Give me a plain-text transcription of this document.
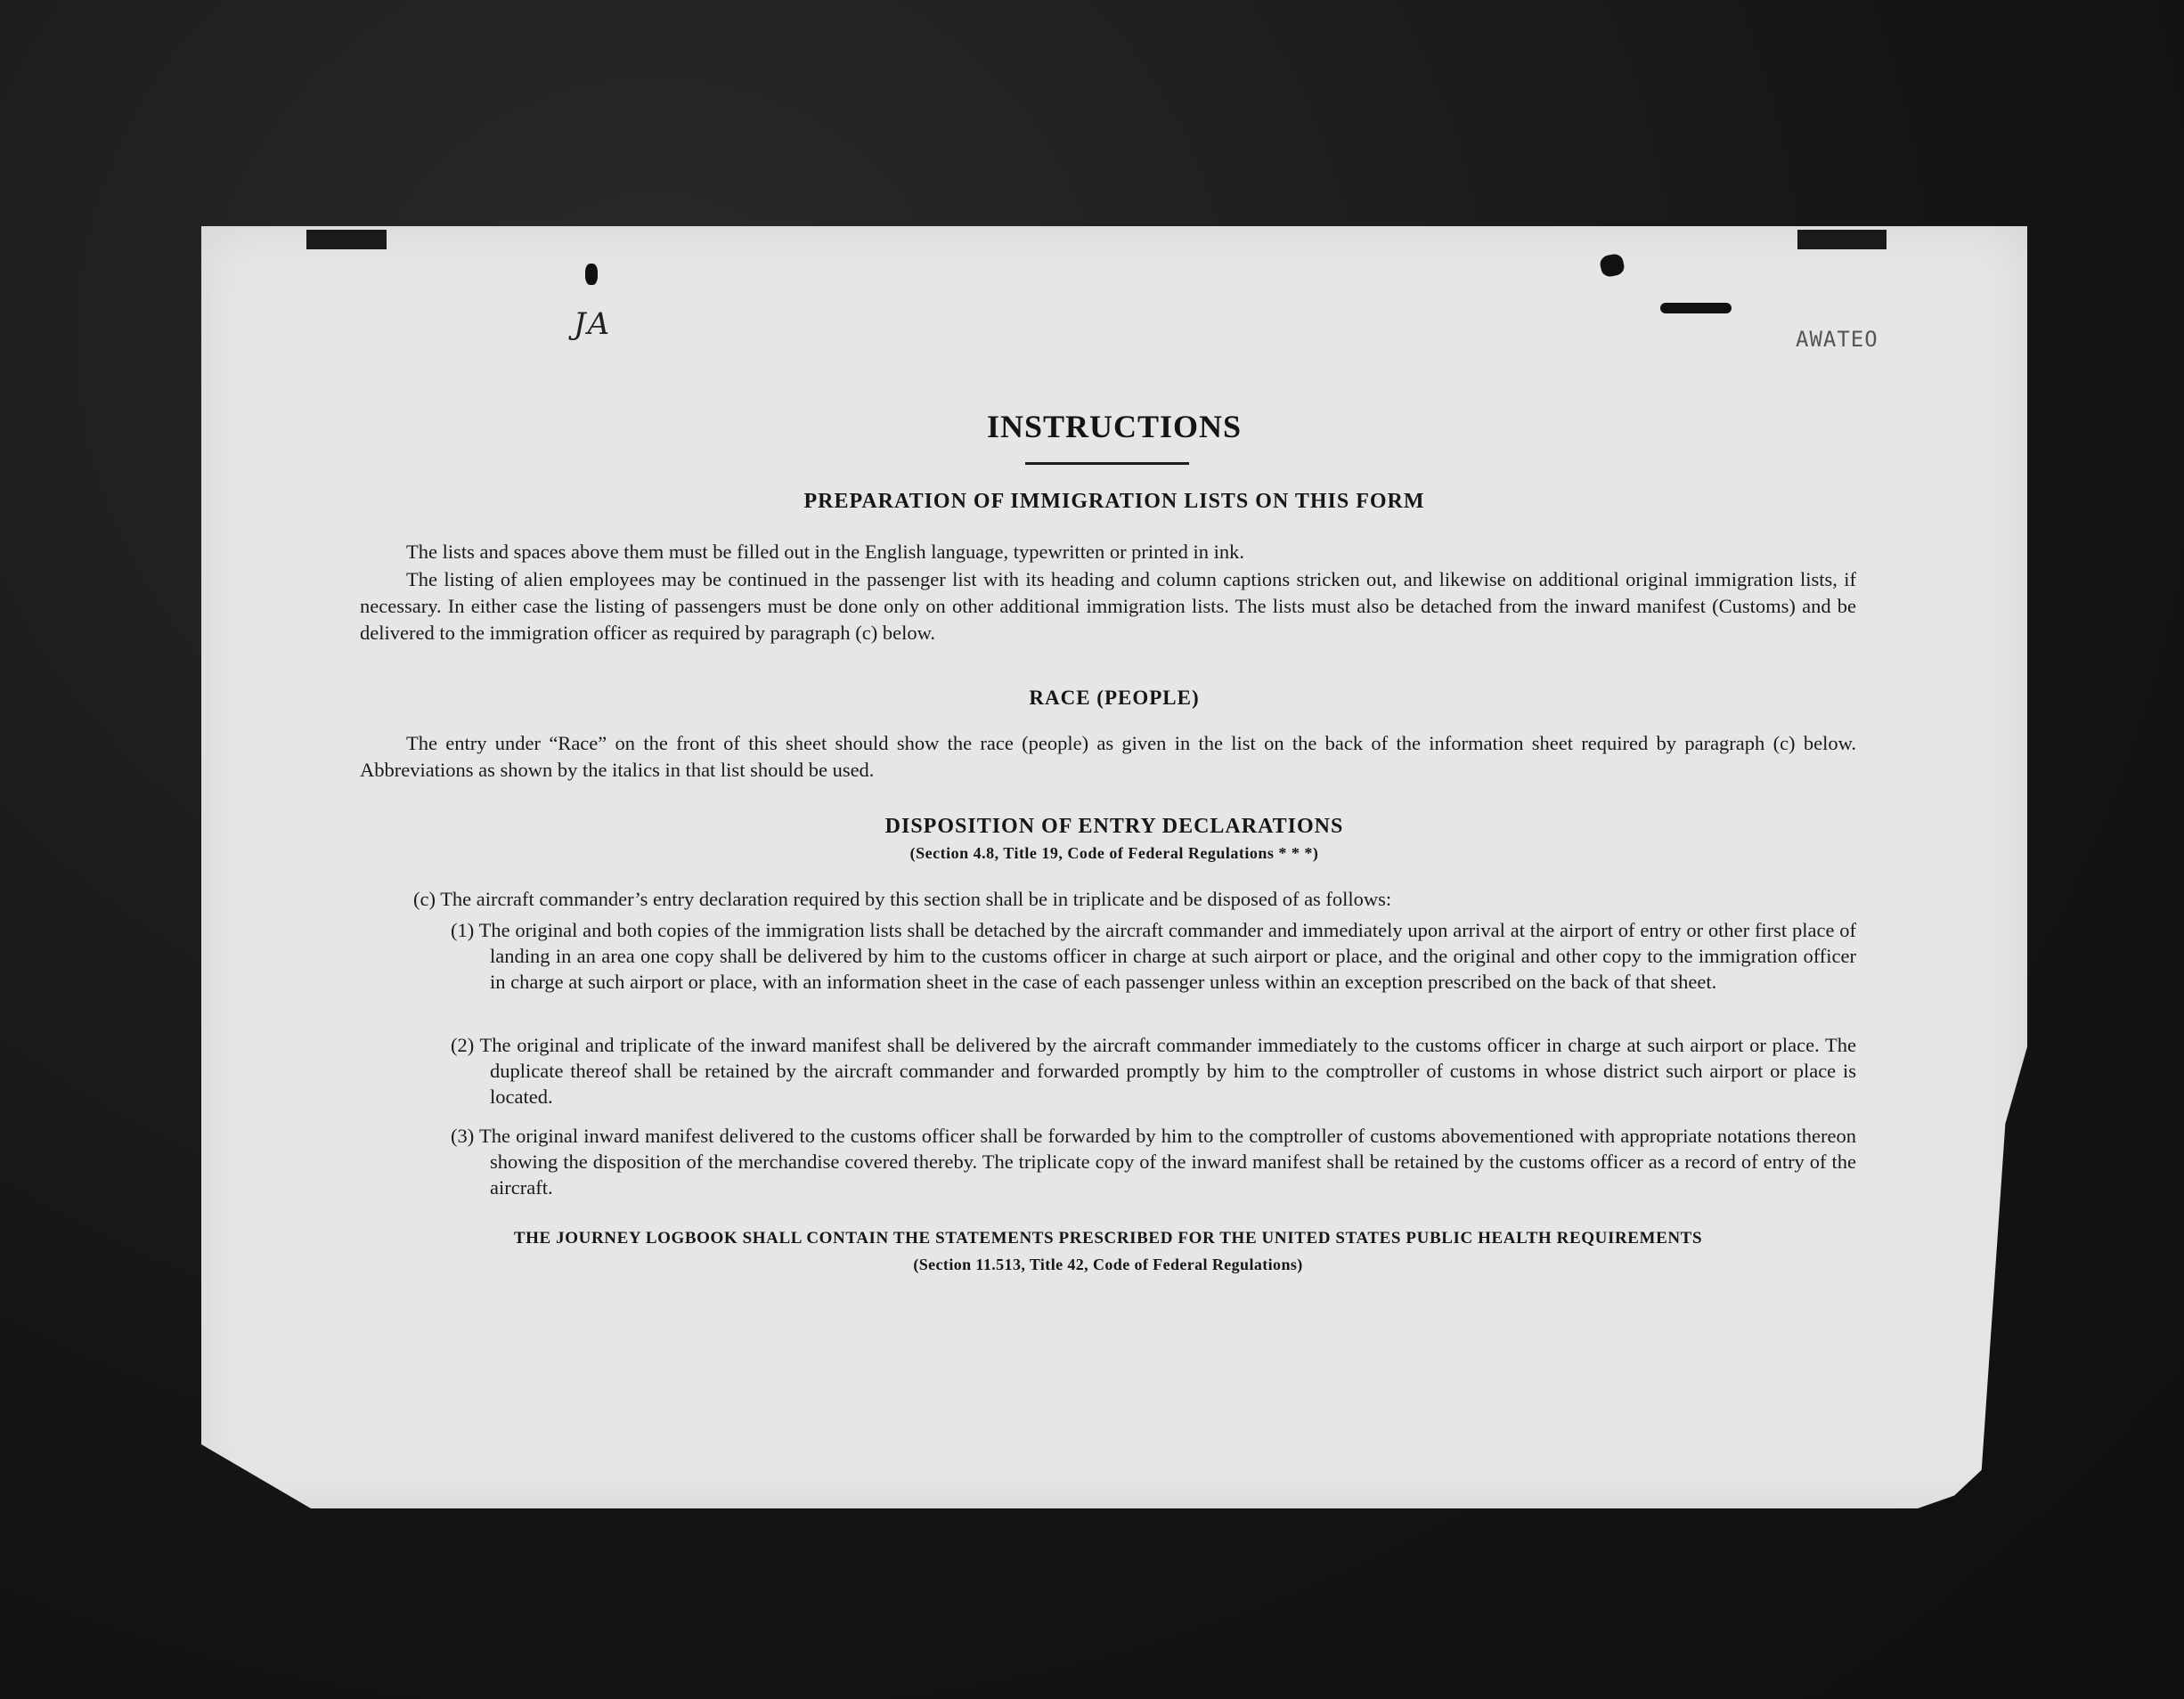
JA	AWATEO
INSTRUCTIONS
PREPARATION OF IMMIGRATION LISTS ON THIS FORM
The lists and spaces above them must be filled out in the English language, typewritten or printed in ink.
The listing of alien employees may be continued in the passenger list with its heading and column captions stricken out, and likewise on additional original immigration lists, if necessary. In either case the listing of passengers must be done only on other additional immigration lists. The lists must also be detached from the inward manifest (Customs) and be delivered to the immigration officer as required by paragraph (c) below.
RACE (PEOPLE)
The entry under “Race” on the front of this sheet should show the race (people) as given in the list on the back of the information sheet required by paragraph (c) below. Abbreviations as shown by the italics in that list should be used.
DISPOSITION OF ENTRY DECLARATIONS
(Section 4.8, Title 19, Code of Federal Regulations * * *)
(c) The aircraft commander’s entry declaration required by this section shall be in triplicate and be disposed of as follows:
(1) The original and both copies of the immigration lists shall be detached by the aircraft commander and immediately upon arrival at the airport of entry or other first place of landing in an area one copy shall be delivered by him to the customs officer in charge at such airport or place, and the original and other copy to the immigration officer in charge at such airport or place, with an information sheet in the case of each passenger unless within an exception prescribed on the back of that sheet.
(2) The original and triplicate of the inward manifest shall be delivered by the aircraft commander immediately to the customs officer in charge at such airport or place. The duplicate thereof shall be retained by the aircraft commander and forwarded promptly by him to the comptroller of customs in whose district such airport or place is located.
(3) The original inward manifest delivered to the customs officer shall be forwarded by him to the comptroller of customs abovementioned with appropriate notations thereon showing the disposition of the merchandise covered thereby. The triplicate copy of the inward manifest shall be retained by the customs officer as a record of entry of the aircraft.
THE JOURNEY LOGBOOK SHALL CONTAIN THE STATEMENTS PRESCRIBED FOR THE UNITED STATES PUBLIC HEALTH REQUIREMENTS
(Section 11.513, Title 42, Code of Federal Regulations)
